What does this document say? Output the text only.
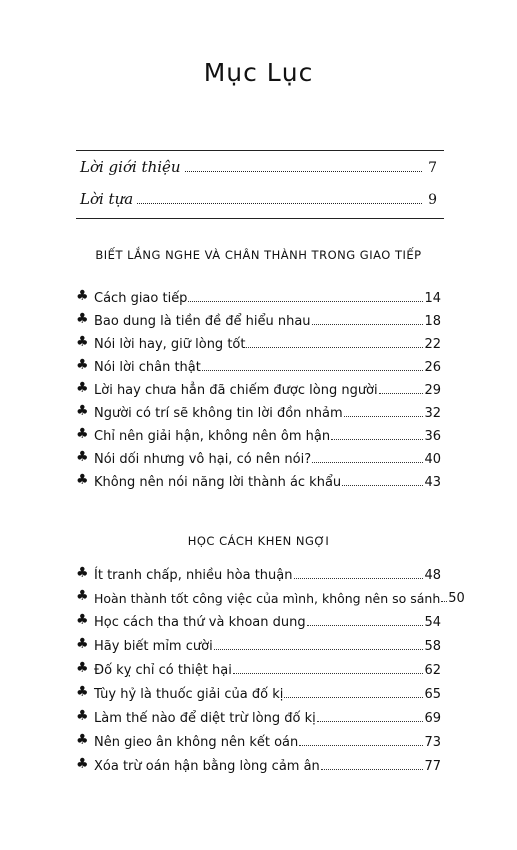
Mục Lục
Lời giới thiệu	7
Lời tựa	9
BIẾT LẮNG NGHE VÀ CHÂN THÀNH TRONG GIAO TIẾP
♣ Cách giao tiếp	14
♣ Bao dung là tiền đề để hiểu nhau	18
♣ Nói lời hay, giữ lòng tốt	22
♣ Nói lời chân thật	26
♣ Lời hay chưa hẳn đã chiếm được lòng người	29
♣ Người có trí sẽ không tin lời đồn nhảm	32
♣ Chỉ nên giải hận, không nên ôm hận	36
♣ Nói dối nhưng vô hại, có nên nói?	40
♣ Không nên nói năng lời thành ác khẩu	43
HỌC CÁCH KHEN NGỢI
♣ Ít tranh chấp, nhiều hòa thuận	48
♣ Hoàn thành tốt công việc của mình, không nên so sánh 50
♣ Học cách tha thứ và khoan dung	54
♣ Hãy biết mỉm cười	58
♣ Đố kỵ chỉ có thiệt hại	62
♣ Tùy hỷ là thuốc giải của đố kị	65
♣ Làm thế nào để diệt trừ lòng đố kị	69
♣ Nên gieo ân không nên kết oán	73
♣ Xóa trừ oán hận bằng lòng cảm ân	77
